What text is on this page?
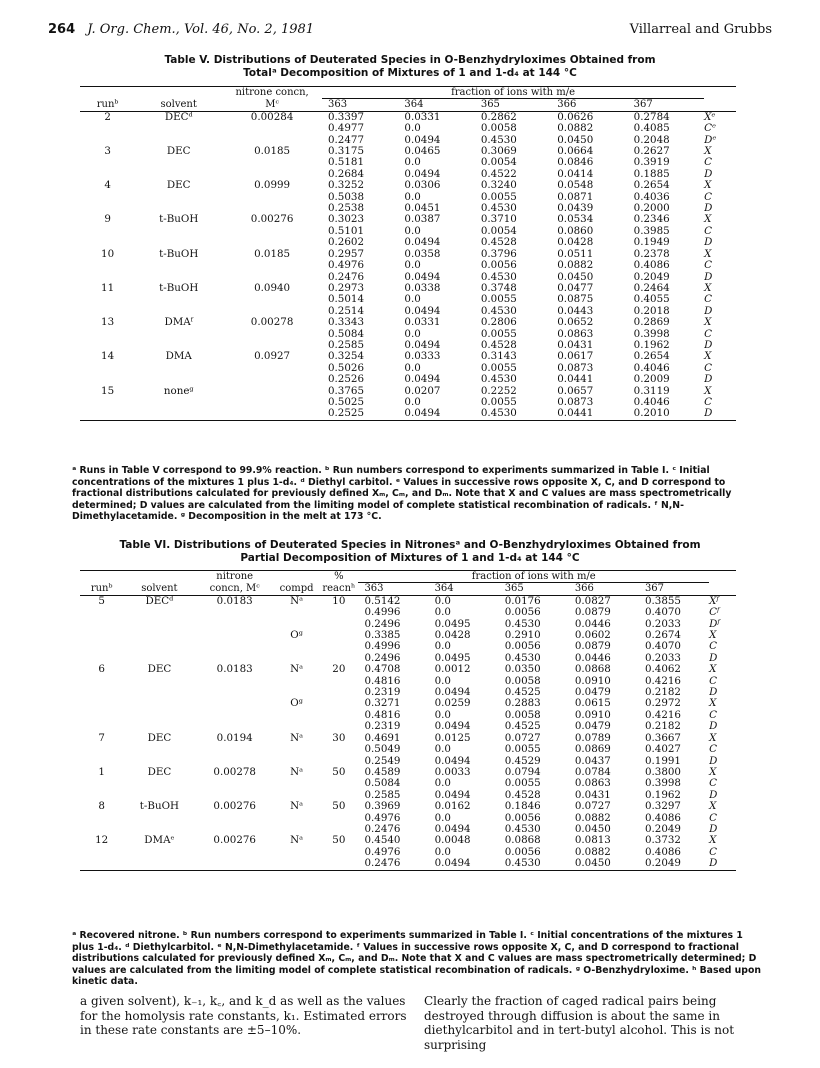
264 J. Org. Chem., Vol. 46, No. 2, 1981	Villarreal and Grubbs
Table V. Distributions of Deuterated Species in O-Benzhydryloximes Obtained from
Totalᵃ Decomposition of Mixtures of 1 and 1-d₄ at 144 °C
		nitrone concn,	fraction of ions with m/e					
runᵇ	solvent	Mᶜ	363	364	365	366	367	
2	DECᵈ	0.00284	0.3397	0.0331	0.2862	0.0626	0.2784	Xᵉ
			0.4977	0.0	0.0058	0.0882	0.4085	Cᵉ
			0.2477	0.0494	0.4530	0.0450	0.2048	Dᵉ
3	DEC	0.0185	0.3175	0.0465	0.3069	0.0664	0.2627	X
			0.5181	0.0	0.0054	0.0846	0.3919	C
			0.2684	0.0494	0.4522	0.0414	0.1885	D
4	DEC	0.0999	0.3252	0.0306	0.3240	0.0548	0.2654	X
			0.5038	0.0	0.0055	0.0871	0.4036	C
			0.2538	0.0451	0.4530	0.0439	0.2000	D
9	t-BuOH	0.00276	0.3023	0.0387	0.3710	0.0534	0.2346	X
			0.5101	0.0	0.0054	0.0860	0.3985	C
			0.2602	0.0494	0.4528	0.0428	0.1949	D
10	t-BuOH	0.0185	0.2957	0.0358	0.3796	0.0511	0.2378	X
			0.4976	0.0	0.0056	0.0882	0.4086	C
			0.2476	0.0494	0.4530	0.0450	0.2049	D
11	t-BuOH	0.0940	0.2973	0.0338	0.3748	0.0477	0.2464	X
			0.5014	0.0	0.0055	0.0875	0.4055	C
			0.2514	0.0494	0.4530	0.0443	0.2018	D
13	DMAᶠ	0.00278	0.3343	0.0331	0.2806	0.0652	0.2869	X
			0.5084	0.0	0.0055	0.0863	0.3998	C
			0.2585	0.0494	0.4528	0.0431	0.1962	D
14	DMA	0.0927	0.3254	0.0333	0.3143	0.0617	0.2654	X
			0.5026	0.0	0.0055	0.0873	0.4046	C
			0.2526	0.0494	0.4530	0.0441	0.2009	D
15	noneᵍ		0.3765	0.0207	0.2252	0.0657	0.3119	X
			0.5025	0.0	0.0055	0.0873	0.4046	C
			0.2525	0.0494	0.4530	0.0441	0.2010	D
ᵃ Runs in Table V correspond to 99.9% reaction. ᵇ Run numbers correspond to experiments summarized in Table I. ᶜ Initial concentrations of the mixtures 1 plus 1-d₄. ᵈ Diethyl carbitol. ᵉ Values in successive rows opposite X, C, and D correspond to fractional distributions calculated for previously defined Xₘ, Cₘ, and Dₘ. Note that X and C values are mass spectrometrically determined; D values are calculated from the limiting model of complete statistical recombination of radicals. ᶠ N,N-Dimethylacetamide. ᵍ Decomposition in the melt at 173 °C.
Table VI. Distributions of Deuterated Species in Nitronesᵃ and O-Benzhydryloximes Obtained from
Partial Decomposition of Mixtures of 1 and 1-d₄ at 144 °C
		nitrone		%	fraction of ions with m/e					
runᵇ	solvent	concn, Mᶜ	compd	reacnʰ	363	364	365	366	367	
5	DECᵈ	0.0183	Nᵃ	10	0.5142	0.0	0.0176	0.0827	0.3855	Xᶠ
					0.4996	0.0	0.0056	0.0879	0.4070	Cᶠ
					0.2496	0.0495	0.4530	0.0446	0.2033	Dᶠ
			Oᵍ		0.3385	0.0428	0.2910	0.0602	0.2674	X
					0.4996	0.0	0.0056	0.0879	0.4070	C
					0.2496	0.0495	0.4530	0.0446	0.2033	D
6	DEC	0.0183	Nᵃ	20	0.4708	0.0012	0.0350	0.0868	0.4062	X
					0.4816	0.0	0.0058	0.0910	0.4216	C
					0.2319	0.0494	0.4525	0.0479	0.2182	D
			Oᵍ		0.3271	0.0259	0.2883	0.0615	0.2972	X
					0.4816	0.0	0.0058	0.0910	0.4216	C
					0.2319	0.0494	0.4525	0.0479	0.2182	D
7	DEC	0.0194	Nᵃ	30	0.4691	0.0125	0.0727	0.0789	0.3667	X
					0.5049	0.0	0.0055	0.0869	0.4027	C
					0.2549	0.0494	0.4529	0.0437	0.1991	D
1	DEC	0.00278	Nᵃ	50	0.4589	0.0033	0.0794	0.0784	0.3800	X
					0.5084	0.0	0.0055	0.0863	0.3998	C
					0.2585	0.0494	0.4528	0.0431	0.1962	D
8	t-BuOH	0.00276	Nᵃ	50	0.3969	0.0162	0.1846	0.0727	0.3297	X
					0.4976	0.0	0.0056	0.0882	0.4086	C
					0.2476	0.0494	0.4530	0.0450	0.2049	D
12	DMAᵉ	0.00276	Nᵃ	50	0.4540	0.0048	0.0868	0.0813	0.3732	X
					0.4976	0.0	0.0056	0.0882	0.4086	C
					0.2476	0.0494	0.4530	0.0450	0.2049	D
ᵃ Recovered nitrone. ᵇ Run numbers correspond to experiments summarized in Table I. ᶜ Initial concentrations of the mixtures 1 plus 1-d₄. ᵈ Diethylcarbitol. ᵉ N,N-Dimethylacetamide. ᶠ Values in successive rows opposite X, C, and D correspond to fractional distributions calculated for previously defined Xₘ, Cₘ, and Dₘ. Note that X and C values are mass spectrometrically determined; D values are calculated from the limiting model of complete statistical recombination of radicals. ᵍ O-Benzhydryloxime. ʰ Based upon kinetic data.
a given solvent), k₋₁, k꜀, and k_d as well as the values for the homolysis rate constants, k₁. Estimated errors in these rate constants are ±5–10%.
Clearly the fraction of caged radical pairs being destroyed through diffusion is about the same in diethylcarbitol and in tert-butyl alcohol. This is not surprising
